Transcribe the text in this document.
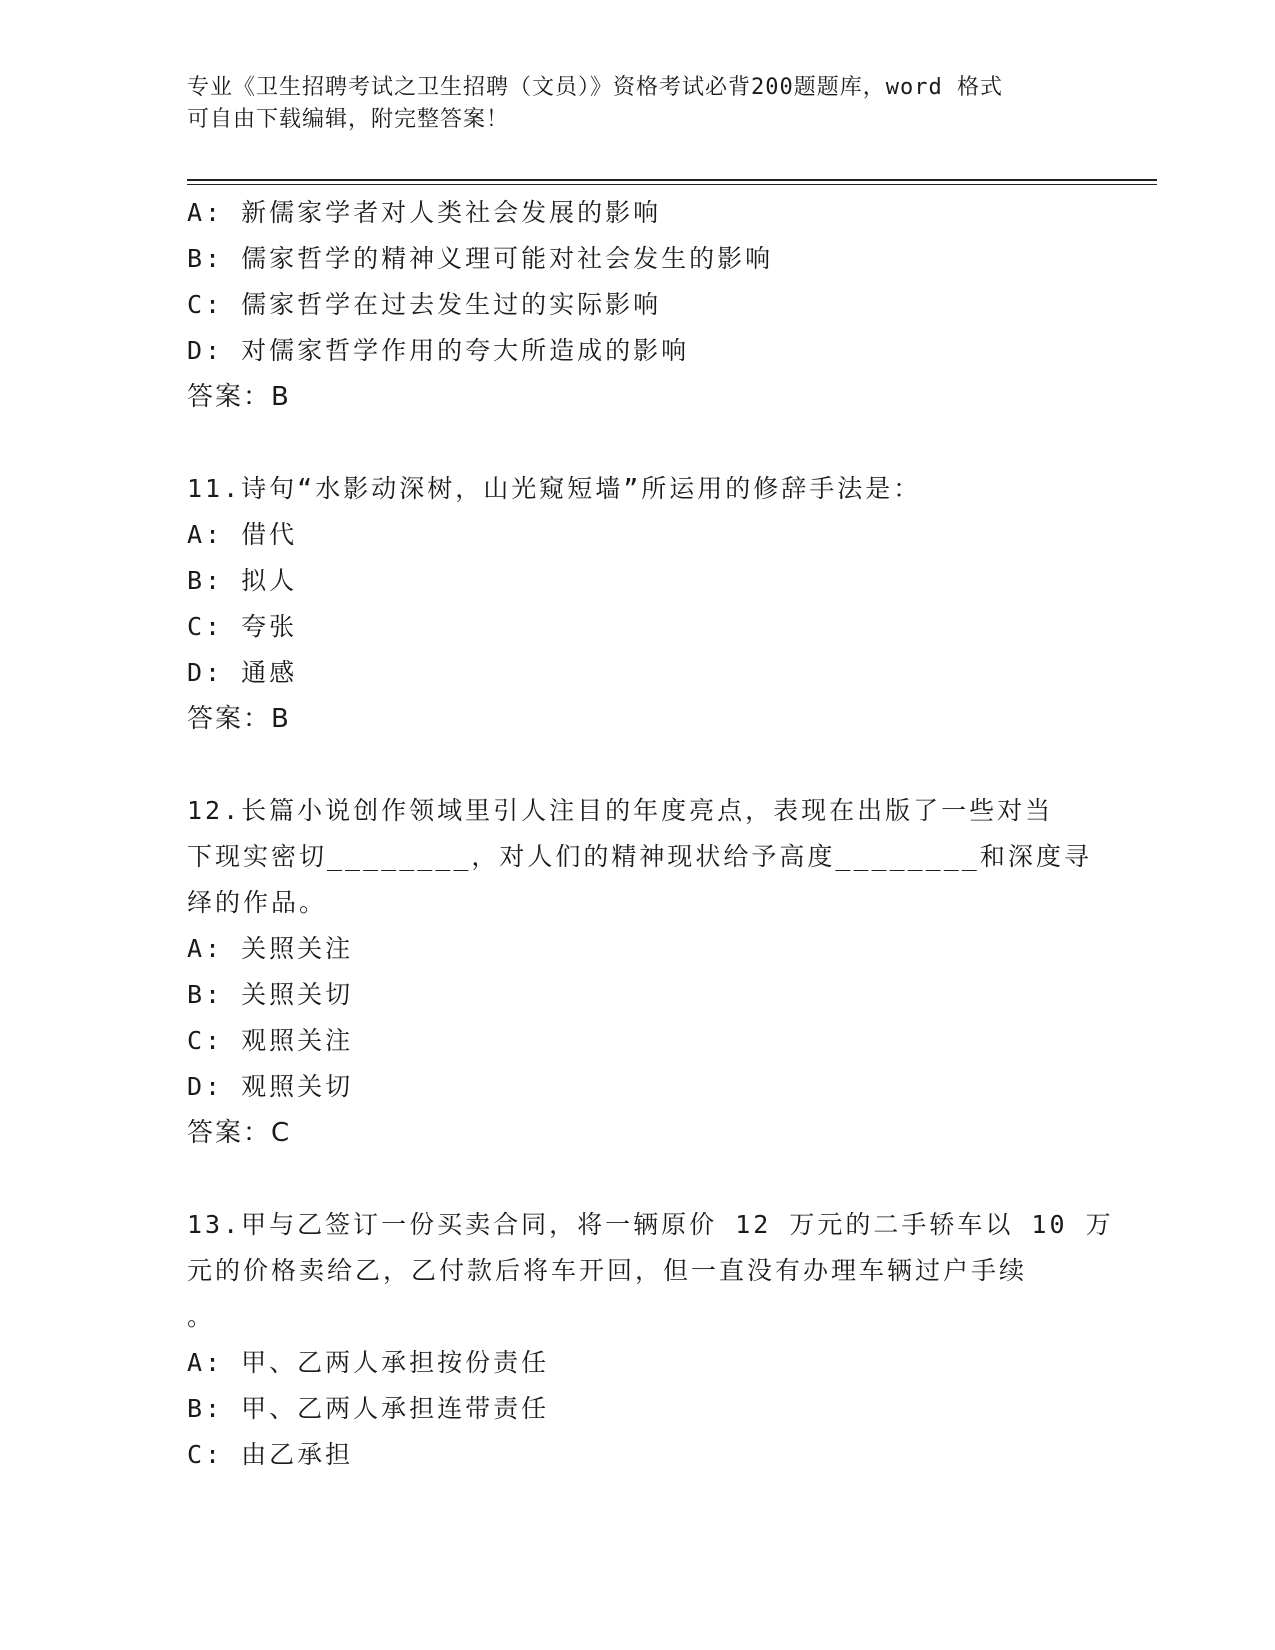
专业《卫生招聘考试之卫生招聘（文员）》资格考试必背200题题库，word 格式
可自由下载编辑，附完整答案！
A: 新儒家学者对人类社会发展的影响
B: 儒家哲学的精神义理可能对社会发生的影响
C: 儒家哲学在过去发生过的实际影响
D: 对儒家哲学作用的夸大所造成的影响
答案：B
11.诗句“水影动深树，山光窥短墙”所运用的修辞手法是：
A: 借代
B: 拟人
C: 夸张
D: 通感
答案：B
12.长篇小说创作领域里引人注目的年度亮点，表现在出版了一些对当
下现实密切________，对人们的精神现状给予高度________和深度寻
绎的作品。
A: 关照关注
B: 关照关切
C: 观照关注
D: 观照关切
答案：C
13.甲与乙签订一份买卖合同，将一辆原价 12 万元的二手轿车以 10 万
元的价格卖给乙，乙付款后将车开回，但一直没有办理车辆过户手续
。
A: 甲、乙两人承担按份责任
B: 甲、乙两人承担连带责任
C: 由乙承担
